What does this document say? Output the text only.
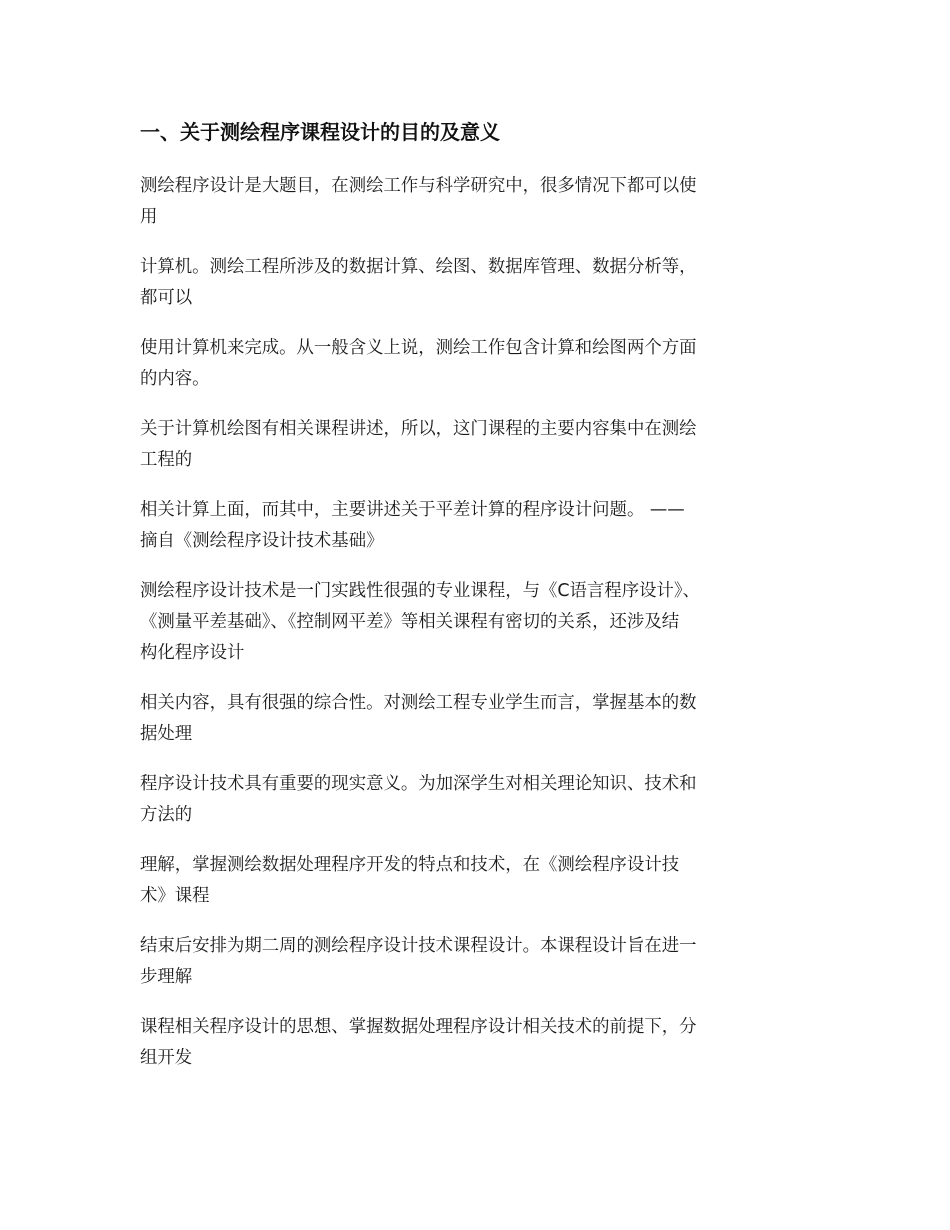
一、关于测绘程序课程设计的目的及意义
测绘程序设计是大题目，在测绘工作与科学研究中，很多情况下都可以使
用
计算机。测绘工程所涉及的数据计算、绘图、数据库管理、数据分析等，
都可以
使用计算机来完成。从一般含义上说，测绘工作包含计算和绘图两个方面
的内容。
关于计算机绘图有相关课程讲述，所以，这门课程的主要内容集中在测绘
工程的
相关计算上面，而其中，主要讲述关于平差计算的程序设计问题。 ——
摘自《测绘程序设计技术基础》
测绘程序设计技术是一门实践性很强的专业课程，与《C语言程序设计》、
《测量平差基础》、《控制网平差》等相关课程有密切的关系，还涉及结
构化程序设计
相关内容，具有很强的综合性。对测绘工程专业学生而言，掌握基本的数
据处理
程序设计技术具有重要的现实意义。为加深学生对相关理论知识、技术和
方法的
理解，掌握测绘数据处理程序开发的特点和技术，在《测绘程序设计技
术》课程
结束后安排为期二周的测绘程序设计技术课程设计。本课程设计旨在进一
步理解
课程相关程序设计的思想、掌握数据处理程序设计相关技术的前提下，分
组开发
